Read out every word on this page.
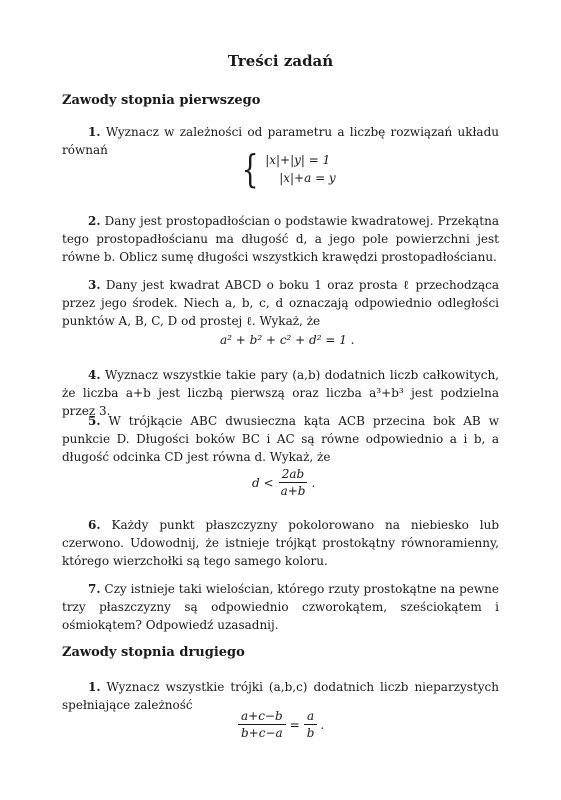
Treści zadań
Zawody stopnia pierwszego
1. Wyznacz w zależności od parametru a liczbę rozwiązań układu równań	{ |x|+|y| = 1
|x|+a = y
2. Dany jest prostopadłościan o podstawie kwadratowej. Przekątna tego prostopadłościanu ma długość d, a jego pole powierzchni jest równe b. Oblicz sumę długości wszystkich krawędzi prostopadłościanu.
3. Dany jest kwadrat ABCD o boku 1 oraz prosta ℓ przechodząca przez jego środek. Niech a, b, c, d oznaczają odpowiednio odległości punktów A, B, C, D od prostej ℓ. Wykaż, że
a² + b² + c² + d² = 1 .
4. Wyznacz wszystkie takie pary (a,b) dodatnich liczb całkowitych, że liczba a+b jest liczbą pierwszą oraz liczba a³+b³ jest podzielna przez 3.
5. W trójkącie ABC dwusieczna kąta ACB przecina bok AB w punkcie D. Długości boków BC i AC są równe odpowiednio a i b, a długość odcinka CD jest równa d. Wykaż, że
$d < \frac{2ab}{a+b}$ .
6. Każdy punkt płaszczyzny pokolorowano na niebiesko lub czerwono. Udowodnij, że istnieje trójkąt prostokątny równoramienny, którego wierzchołki są tego samego koloru.
7. Czy istnieje taki wielościan, którego rzuty prostokątne na pewne trzy płaszczyzny są odpowiednio czworokątem, sześciokątem i ośmiokątem? Odpowiedź uzasadnij.
Zawody stopnia drugiego
1. Wyznacz wszystkie trójki (a,b,c) dodatnich liczb nieparzystych spełniające zależność
$\frac{a+c-b}{b+c-a} = \frac{a}{b}$ .
